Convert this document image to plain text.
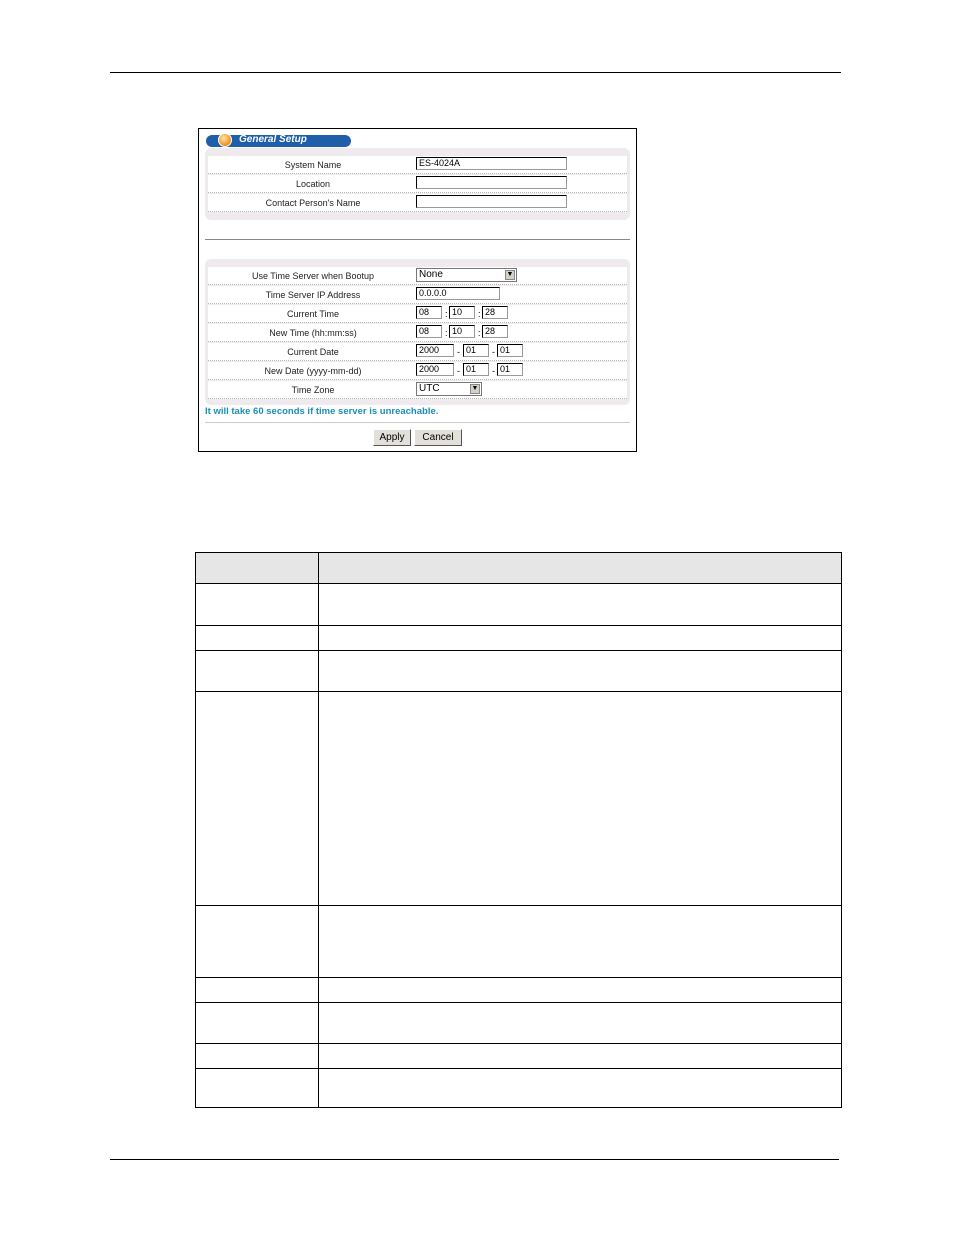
General Setup
System Name	ES-4024A
Location
Contact Person's Name
Use Time Server when Bootup	None	▼
Time Server IP Address	0.0.0.0
Current Time	08	: 10	: 28
New Time (hh:mm:ss)	08	: 10	: 28
Current Date	2000	- 01	- 01
New Date (yyyy-mm-dd)	2000	- 01	- 01
Time Zone	UTC	▼
It will take 60 seconds if time server is unreachable.
Apply	Cancel
